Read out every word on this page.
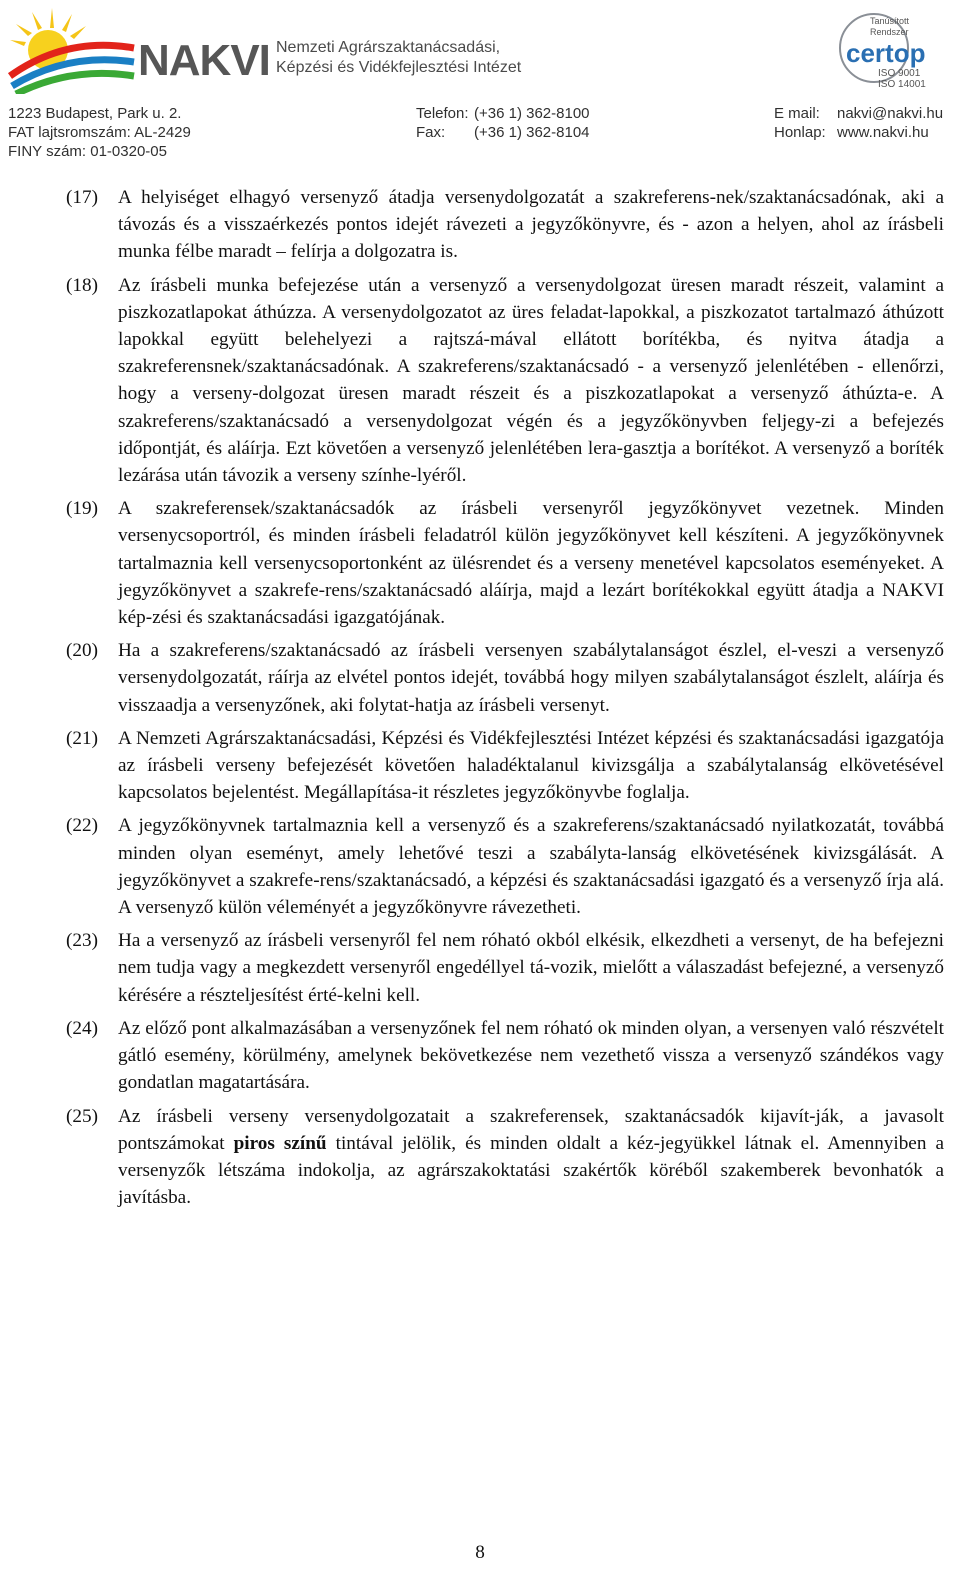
NAKVI Nemzeti Agrárszaktanácsadási,
Képzési és Vidékfejlesztési Intézet
Tanúsított
Rendszer
certop
ISO 9001
ISO 14001
1223 Budapest, Park u. 2.
FAT lajtsromszám: AL-2429
FINY szám: 01-0320-05
Telefon: (+36 1) 362-8100
Fax:	(+36 1) 362-8104
E mail:	nakvi@nakvi.hu
Honlap: www.nakvi.hu
(17) A helyiséget elhagyó versenyző átadja versenydolgozatát a szakreferens-nek/szaktanácsadónak, aki a távozás és a visszaérkezés pontos idejét rávezeti a jegyzőkönyvre, és - azon a helyen, ahol az írásbeli munka félbe maradt – felírja a dolgozatra is.
(18) Az írásbeli munka befejezése után a versenyző a versenydolgozat üresen maradt részeit, valamint a piszkozatlapokat áthúzza. A versenydolgozatot az üres feladat-lapokkal, a piszkozatot tartalmazó áthúzott lapokkal együtt belehelyezi a rajtszá-mával ellátott borítékba, és nyitva átadja a szakreferensnek/szaktanácsadónak. A szakreferens/szaktanácsadó - a versenyző jelenlétében - ellenőrzi, hogy a verseny-dolgozat üresen maradt részeit és a piszkozatlapokat a versenyző áthúzta-e. A szakreferens/szaktanácsadó a versenydolgozat végén és a jegyzőkönyvben feljegy-zi a befejezés időpontját, és aláírja. Ezt követően a versenyző jelenlétében lera-gasztja a borítékot. A versenyző a boríték lezárása után távozik a verseny színhe-lyéről.
(19) A szakreferensek/szaktanácsadók az írásbeli versenyről jegyzőkönyvet vezetnek. Minden versenycsoportról, és minden írásbeli feladatról külön jegyzőkönyvet kell készíteni. A jegyzőkönyvnek tartalmaznia kell versenycsoportonként az ülésrendet és a verseny menetével kapcsolatos eseményeket. A jegyzőkönyvet a szakrefe-rens/szaktanácsadó aláírja, majd a lezárt borítékokkal együtt átadja a NAKVI kép-zési és szaktanácsadási igazgatójának.
(20) Ha a szakreferens/szaktanácsadó az írásbeli versenyen szabálytalanságot észlel, el-veszi a versenyző versenydolgozatát, ráírja az elvétel pontos idejét, továbbá hogy milyen szabálytalanságot észlelt, aláírja és visszaadja a versenyzőnek, aki folytat-hatja az írásbeli versenyt.
(21) A Nemzeti Agrárszaktanácsadási, Képzési és Vidékfejlesztési Intézet képzési és szaktanácsadási igazgatója az írásbeli verseny befejezését követően haladéktalanul kivizsgálja a szabálytalanság elkövetésével kapcsolatos bejelentést. Megállapítása-it részletes jegyzőkönyvbe foglalja.
(22) A jegyzőkönyvnek tartalmaznia kell a versenyző és a szakreferens/szaktanácsadó nyilatkozatát, továbbá minden olyan eseményt, amely lehetővé teszi a szabályta-lanság elkövetésének kivizsgálását. A jegyzőkönyvet a szakrefe-rens/szaktanácsadó, a képzési és szaktanácsadási igazgató és a versenyző írja alá. A versenyző külön véleményét a jegyzőkönyvre rávezetheti.
(23) Ha a versenyző az írásbeli versenyről fel nem róható okból elkésik, elkezdheti a versenyt, de ha befejezni nem tudja vagy a megkezdett versenyről engedéllyel tá-vozik, mielőtt a válaszadást befejezné, a versenyző kérésére a részteljesítést érté-kelni kell.
(24) Az előző pont alkalmazásában a versenyzőnek fel nem róható ok minden olyan, a versenyen való részvételt gátló esemény, körülmény, amelynek bekövetkezése nem vezethető vissza a versenyző szándékos vagy gondatlan magatartására.
(25) Az írásbeli verseny versenydolgozatait a szakreferensek, szaktanácsadók kijavít-ják, a javasolt pontszámokat piros színű tintával jelölik, és minden oldalt a kéz-jegyükkel látnak el. Amennyiben a versenyzők létszáma indokolja, az agrárszakoktatási szakértők köréből szakemberek bevonhatók a javításba.
8
